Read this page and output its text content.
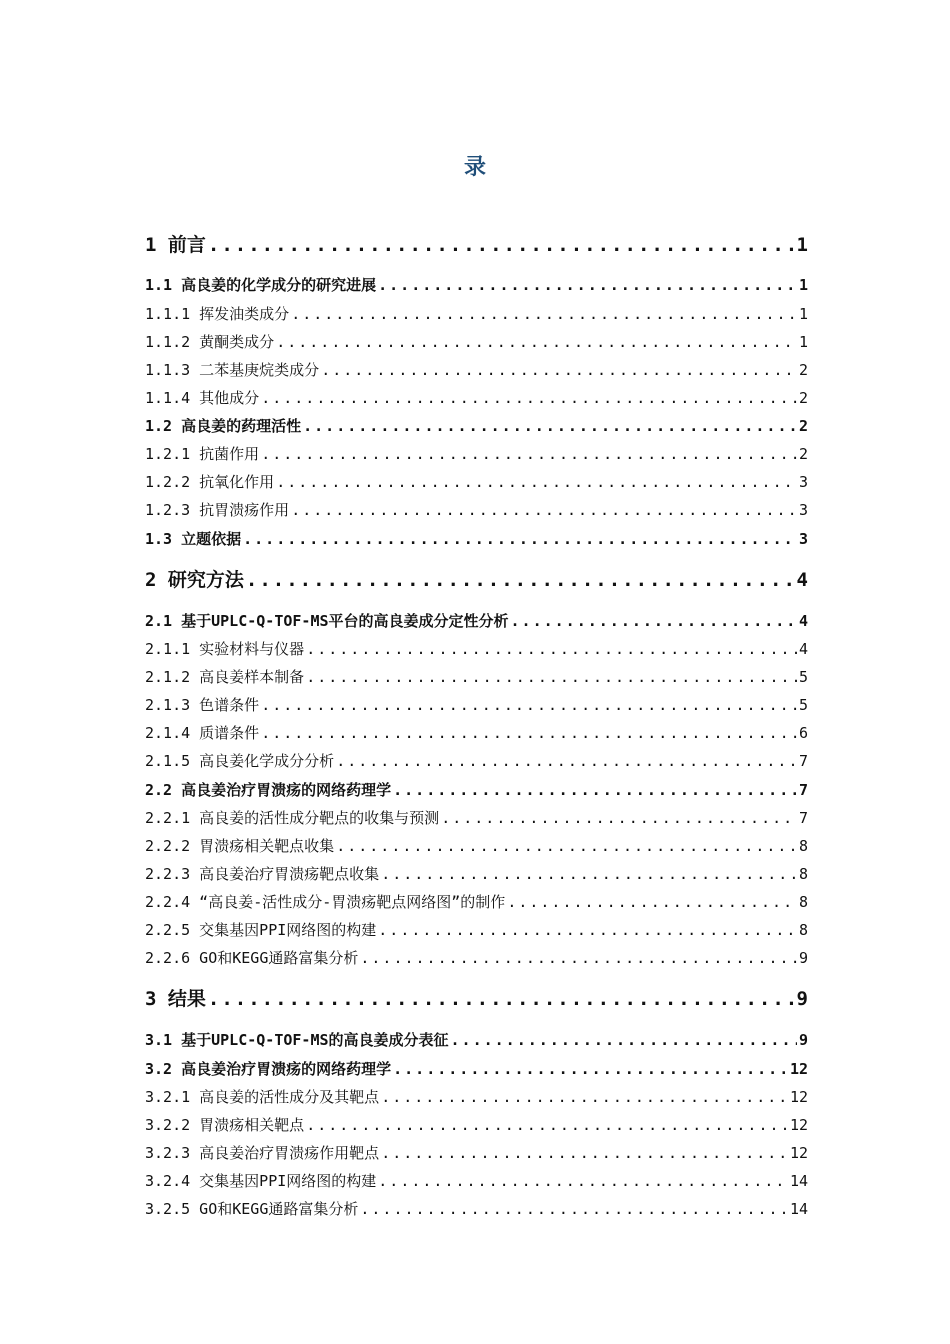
录
1 前言 .....	1
1.1 高良姜的化学成分的研究进展 .....	1
1.1.1 挥发油类成分 .....	1
1.1.2 黄酮类成分 .....	1
1.1.3 二苯基庚烷类成分 .....	2
1.1.4 其他成分 .....	2
1.2 高良姜的药理活性 .....	2
1.2.1 抗菌作用 .....	2
1.2.2 抗氧化作用 .....	3
1.2.3 抗胃溃疡作用 .....	3
1.3 立题依据 .....	3
2 研究方法 .....	4
2.1 基于UPLC-Q-TOF-MS平台的高良姜成分定性分析 .....	4
2.1.1 实验材料与仪器 .....	4
2.1.2 高良姜样本制备 .....	5
2.1.3 色谱条件 .....	5
2.1.4 质谱条件 .....	6
2.1.5 高良姜化学成分分析 .....	7
2.2 高良姜治疗胃溃疡的网络药理学 .....	7
2.2.1 高良姜的活性成分靶点的收集与预测 .....	7
2.2.2 胃溃疡相关靶点收集 .....	8
2.2.3 高良姜治疗胃溃疡靶点收集 .....	8
2.2.4 “高良姜-活性成分-胃溃疡靶点网络图”的制作 .....	8
2.2.5 交集基因PPI网络图的构建 .....	8
2.2.6 GO和KEGG通路富集分析 .....	9
3 结果 .....	9
3.1 基于UPLC-Q-TOF-MS的高良姜成分表征 .....	9
3.2 高良姜治疗胃溃疡的网络药理学 .....	12
3.2.1 高良姜的活性成分及其靶点 .....	12
3.2.2 胃溃疡相关靶点 .....	12
3.2.3 高良姜治疗胃溃疡作用靶点 .....	12
3.2.4 交集基因PPI网络图的构建 .....	14
3.2.5 GO和KEGG通路富集分析 .....	14
